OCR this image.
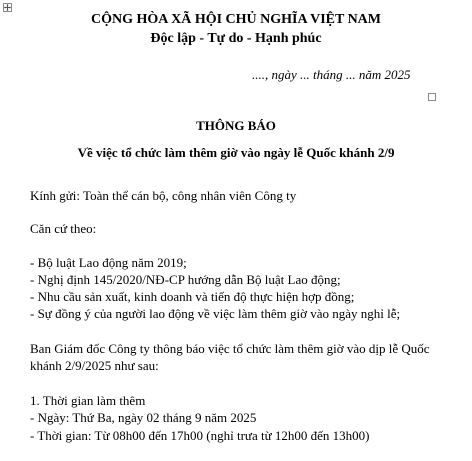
CỘNG HÒA XÃ HỘI CHỦ NGHĨA VIỆT NAM
Độc lập - Tự do - Hạnh phúc
...., ngày ... tháng ... năm 2025
THÔNG BÁO
Về việc tổ chức làm thêm giờ vào ngày lễ Quốc khánh 2/9
Kính gửi: Toàn thể cán bộ, công nhân viên Công ty
Căn cứ theo:
- Bộ luật Lao động năm 2019;
- Nghị định 145/2020/NĐ-CP hướng dẫn Bộ luật Lao động;
- Nhu cầu sản xuất, kinh doanh và tiến độ thực hiện hợp đồng;
- Sự đồng ý của người lao động về việc làm thêm giờ vào ngày nghỉ lễ;
Ban Giám đốc Công ty thông báo việc tổ chức làm thêm giờ vào dịp lễ Quốc
khánh 2/9/2025 như sau:
1. Thời gian làm thêm
- Ngày: Thứ Ba, ngày 02 tháng 9 năm 2025
- Thời gian: Từ 08h00 đến 17h00 (nghỉ trưa từ 12h00 đến 13h00)
